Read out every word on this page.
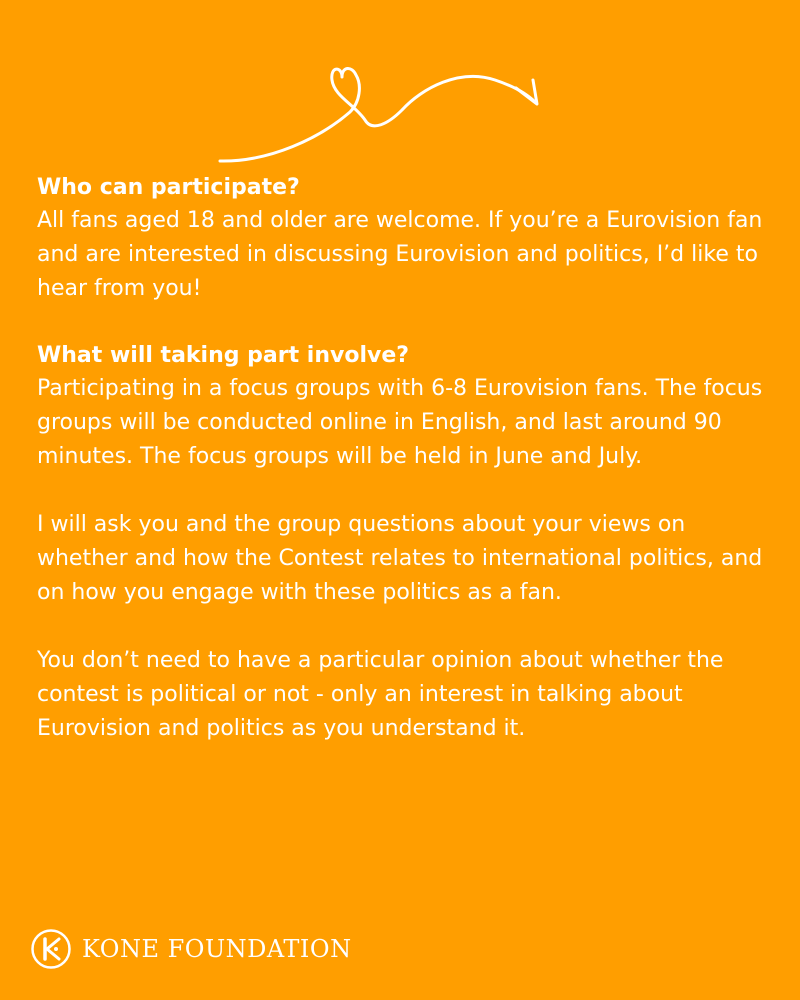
Who can participate?

All fans aged 18 and older are welcome. If you’re a Eurovision fan and are interested in discussing Eurovision and politics, I’d like to hear from you!

What will taking part involve?

Participating in a focus groups with 6-8 Eurovision fans. The focus groups will be conducted online in English, and last around 90 minutes. The focus groups will be held in June and July.

I will ask you and the group questions about your views on whether and how the Contest relates to international politics, and on how you engage with these politics as a fan.

You don’t need to have a particular opinion about whether the contest is political or not - only an interest in talking about Eurovision and politics as you understand it.

KONE FOUNDATION
